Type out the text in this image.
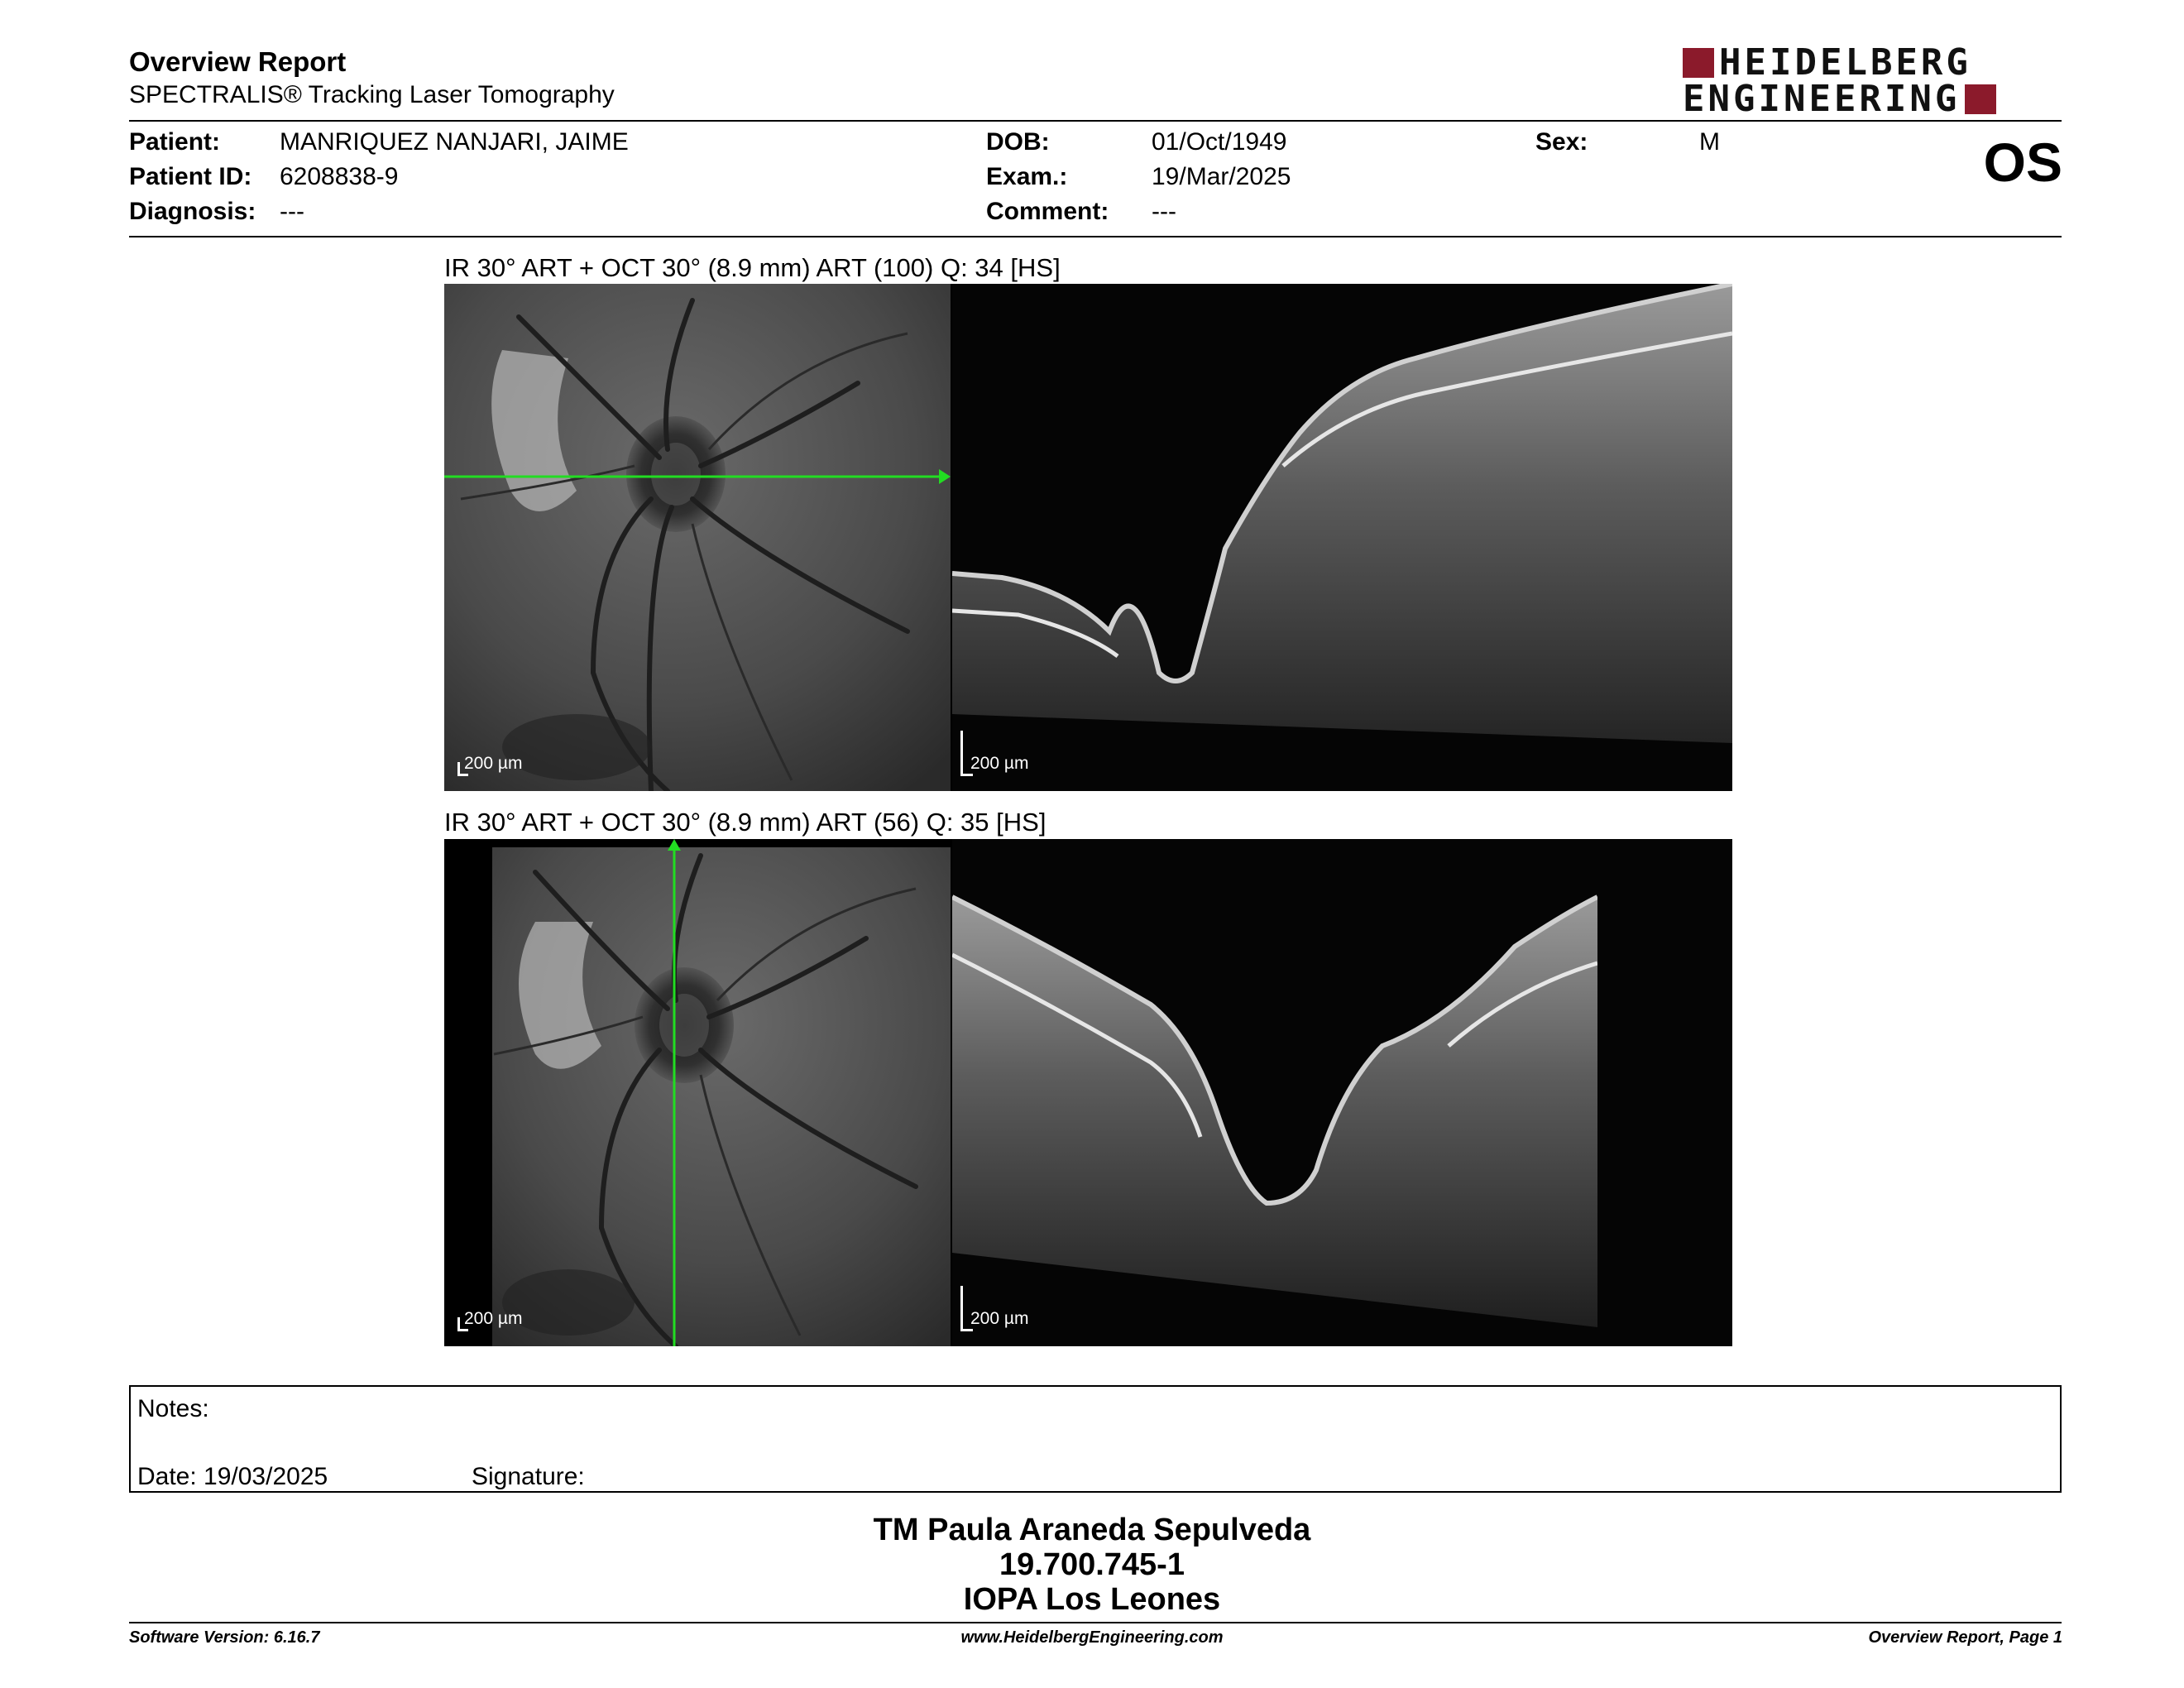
Overview Report
SPECTRALIS® Tracking Laser Tomography
HEIDELBERG
ENGINEERING
Patient: MANRIQUEZ NANJARI, JAIME
Patient ID: 6208838-9
Diagnosis: ---
DOB:	01/Oct/1949
Exam.:	19/Mar/2025
Comment: ---
Sex:	M	OS
IR 30° ART + OCT 30° (8.9 mm) ART (100) Q: 34 [HS]
200 µm	200 µm
IR 30° ART + OCT 30° (8.9 mm) ART (56) Q: 35 [HS]
200 µm	200 µm
Notes:
Date: 19/03/2025	Signature:
TM Paula Araneda Sepulveda
19.700.745-1
IOPA Los Leones
Software Version: 6.16.7	www.HeidelbergEngineering.com	Overview Report, Page 1
